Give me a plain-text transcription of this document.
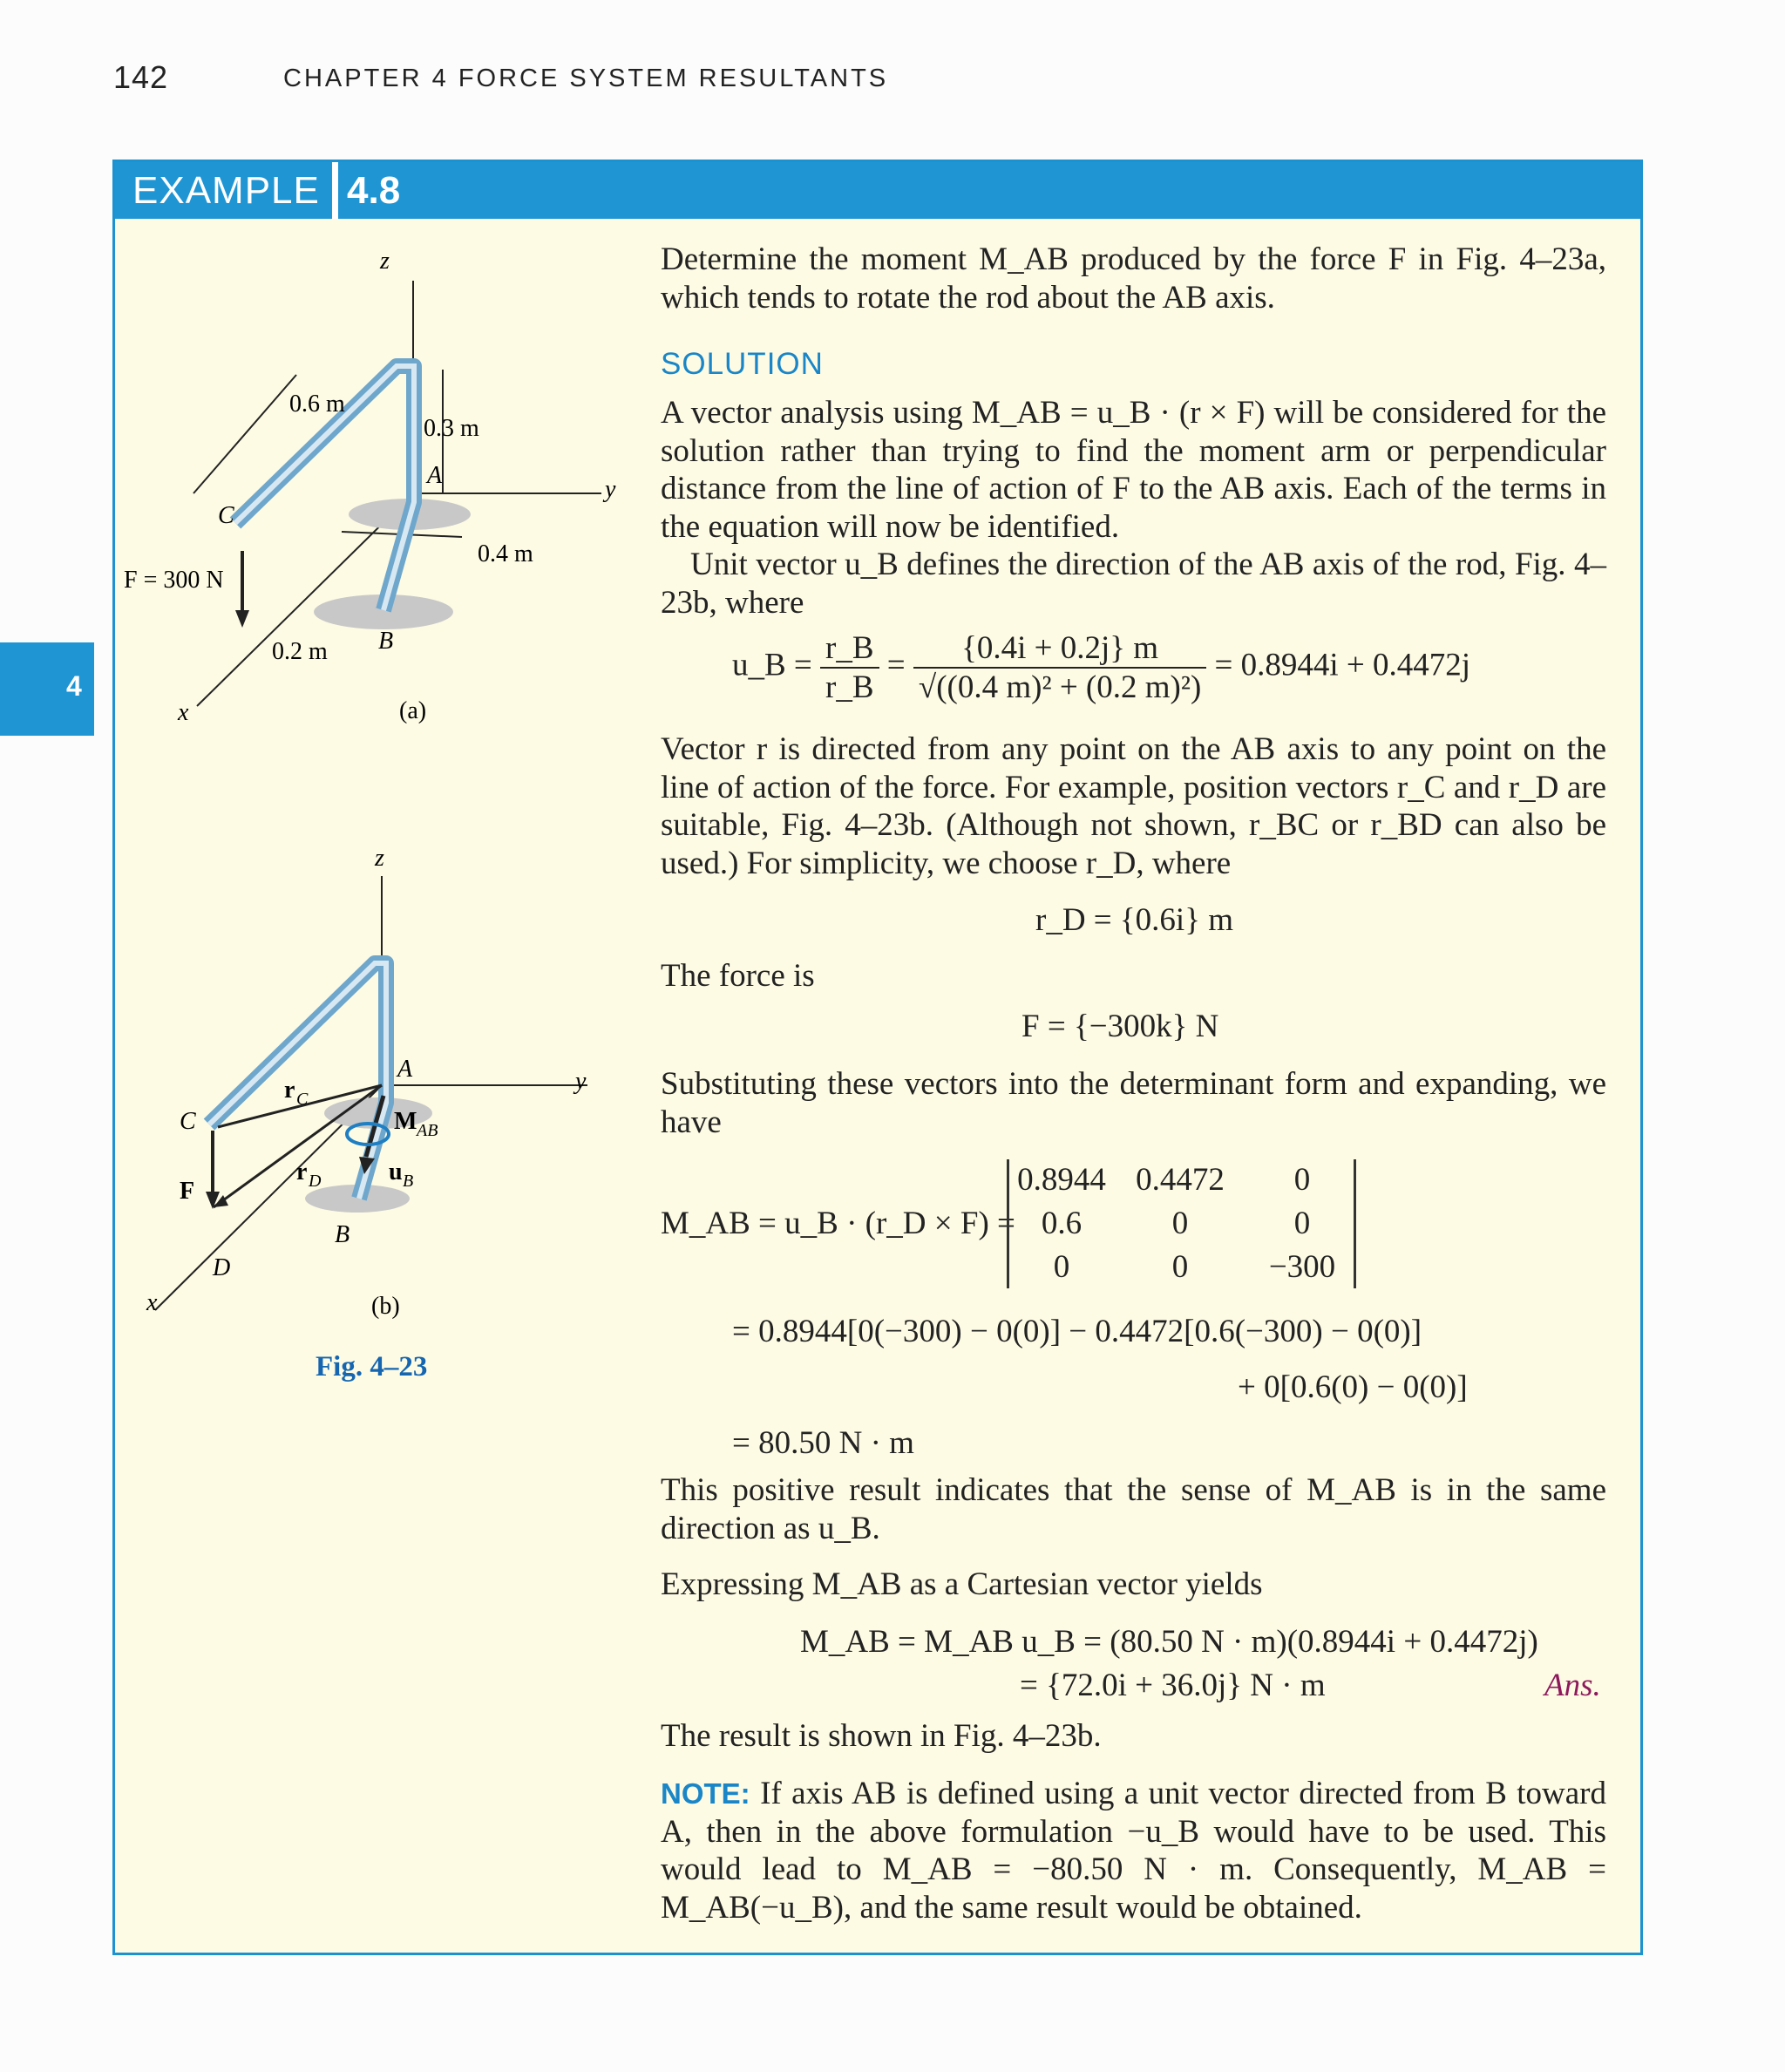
142	CHAPTER 4 FORCE SYSTEM RESULTANTS
4
EXAMPLE 4.8
z
y
x
0.6 m
0.3 m
0.4 m
0.2 m
F = 300 N
C
A
B
(a)
z
y
x
A
C
B
D
F
r C
r D
M AB
u B
(b)
Fig. 4–23
Determine the moment M_AB produced by the force F in Fig. 4–23a, which tends to rotate the rod about the AB axis.
SOLUTION
A vector analysis using M_AB = u_B · (r × F) will be considered for the solution rather than trying to find the moment arm or perpendicular distance from the line of action of F to the AB axis. Each of the terms in the equation will now be identified.
Unit vector u_B defines the direction of the AB axis of the rod, Fig. 4–23b, where
u_B = $\frac{r\_B}{r\_B} = \frac{\{0.4i + 0.2j\} m}{\text{√((0.4 m)² + (0.2 m)²)}} = 0.8944i + 0.4472j$
Vector r is directed from any point on the AB axis to any point on the line of action of the force. For example, position vectors r_C and r_D are suitable, Fig. 4–23b. (Although not shown, r_BC or r_BD can also be used.) For simplicity, we choose r_D, where
r_D = {0.6i} m
The force is
F = {−300k} N
Substituting these vectors into the determinant form and expanding, we have
M_AB = u_B · (r_D × F) =
0.8944 0.4472	0
0.6	0	0
0	0	−300
= 0.8944[0(−300) − 0(0)] − 0.4472[0.6(−300) − 0(0)]
+ 0[0.6(0) − 0(0)]
= 80.50 N · m
This positive result indicates that the sense of M_AB is in the same direction as u_B.
Expressing M_AB as a Cartesian vector yields
M_AB = M_AB u_B = (80.50 N · m)(0.8944i + 0.4472j)
= {72.0i + 36.0j} N · m	Ans.
The result is shown in Fig. 4–23b.
NOTE: If axis AB is defined using a unit vector directed from B toward A, then in the above formulation −u_B would have to be used. This would lead to M_AB = −80.50 N · m. Consequently, M_AB = M_AB(−u_B), and the same result would be obtained.
